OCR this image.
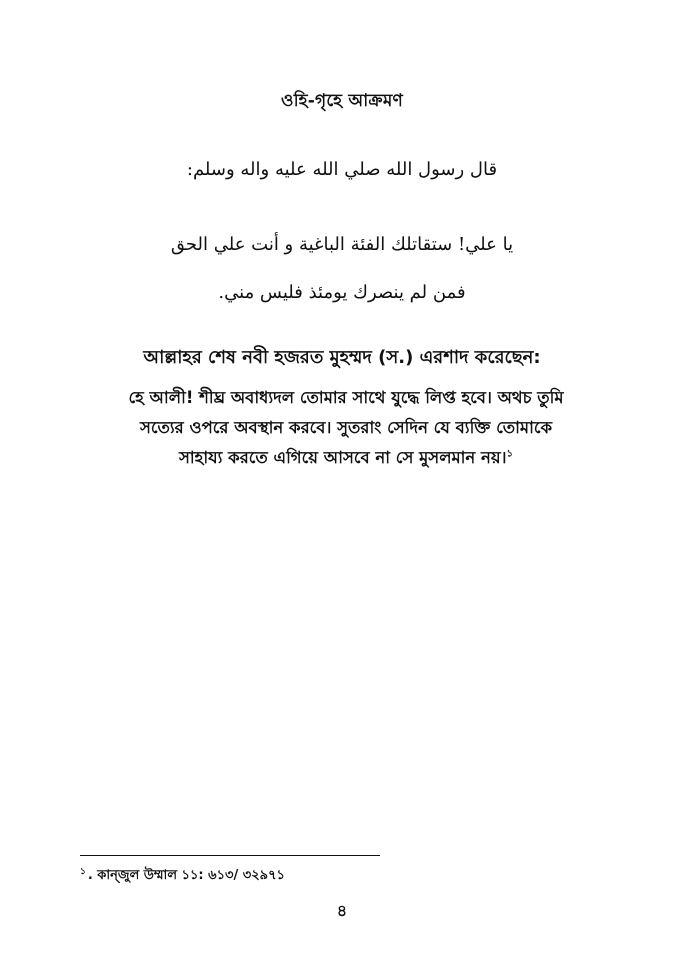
ওহি-গৃহে আক্রমণ
قال رسول الله صلي الله عليه واله وسلم:
يا علي! ستقاتلك الفئة الباغية و أنت علي الحق
فمن لم ينصرك يومئذ فليس مني.
আল্লাহর শেষ নবী হজরত মুহম্মদ (স.) এরশাদ করেছেন:
হে আলী! শীঘ্র অবাধ্যদল তোমার সাথে যুদ্ধে লিপ্ত হবে। অথচ তুমি
সত্যের ওপরে অবস্থান করবে। সুতরাং সেদিন যে ব্যক্তি তোমাকে
সাহায্য করতে এগিয়ে আসবে না সে মুসলমান নয়।$^১$
$^১$ . কান্জুল উম্মাল ১১: ৬১৩/ ৩২৯৭১
৪
